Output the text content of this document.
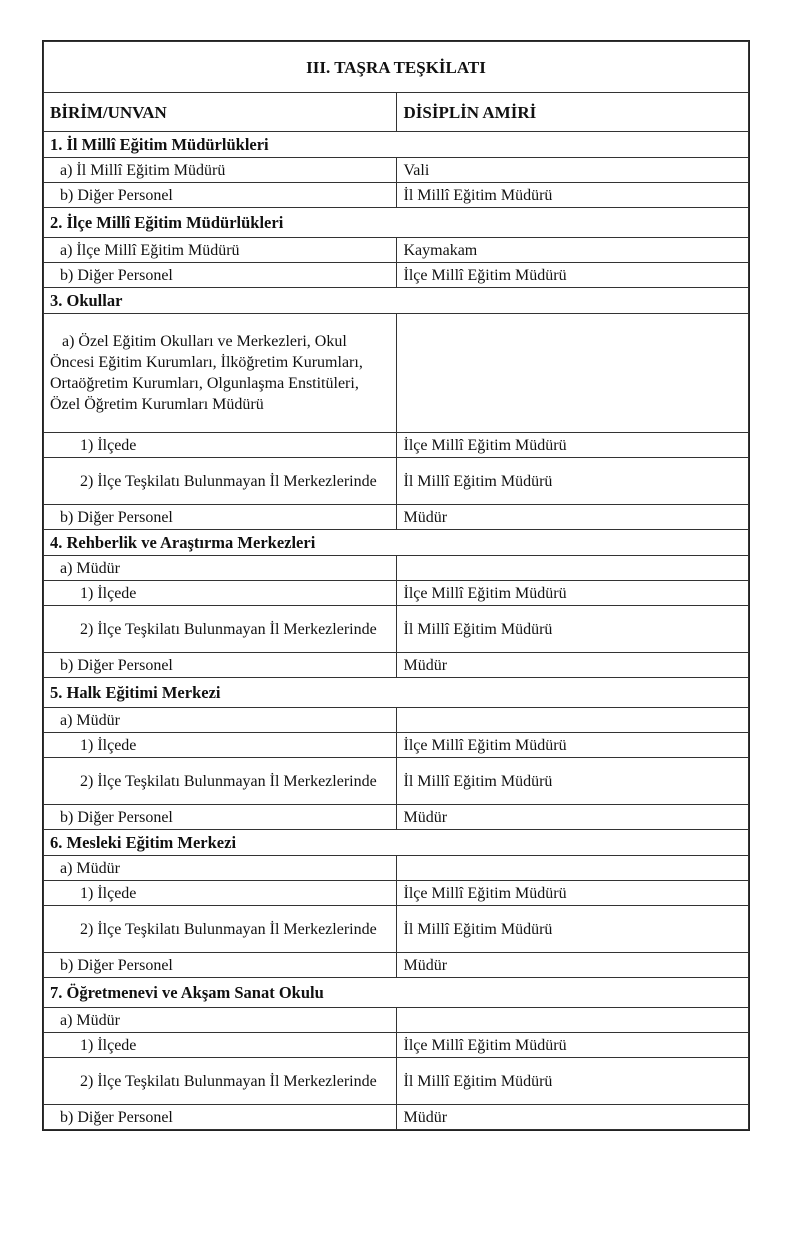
III. TAŞRA TEŞKİLATI	
BİRİM/UNVAN	DİSİPLİN AMİRİ
1. İl Millî Eğitim Müdürlükleri	
a) İl Millî Eğitim Müdürü	Vali
b) Diğer Personel	İl Millî Eğitim Müdürü
2. İlçe Millî Eğitim Müdürlükleri	
a) İlçe Millî Eğitim Müdürü	Kaymakam
b) Diğer Personel	İlçe Millî Eğitim Müdürü
3. Okullar	
a) Özel Eğitim Okulları ve Merkezleri, Okul Öncesi Eğitim Kurumları, İlköğretim Kurumları, Ortaöğretim Kurumları, Olgunlaşma Enstitüleri, Özel Öğretim Kurumları Müdürü	
1) İlçede	İlçe Millî Eğitim Müdürü
2) İlçe Teşkilatı Bulunmayan İl Merkezlerinde	İl Millî Eğitim Müdürü
b) Diğer Personel	Müdür
4. Rehberlik ve Araştırma Merkezleri	
a) Müdür	
1) İlçede	İlçe Millî Eğitim Müdürü
2) İlçe Teşkilatı Bulunmayan İl Merkezlerinde	İl Millî Eğitim Müdürü
b) Diğer Personel	Müdür
5. Halk Eğitimi Merkezi	
a) Müdür	
1) İlçede	İlçe Millî Eğitim Müdürü
2) İlçe Teşkilatı Bulunmayan İl Merkezlerinde	İl Millî Eğitim Müdürü
b) Diğer Personel	Müdür
6. Mesleki Eğitim Merkezi	
a) Müdür	
1) İlçede	İlçe Millî Eğitim Müdürü
2) İlçe Teşkilatı Bulunmayan İl Merkezlerinde	İl Millî Eğitim Müdürü
b) Diğer Personel	Müdür
7. Öğretmenevi ve Akşam Sanat Okulu	
a) Müdür	
1) İlçede	İlçe Millî Eğitim Müdürü
2) İlçe Teşkilatı Bulunmayan İl Merkezlerinde	İl Millî Eğitim Müdürü
b) Diğer Personel	Müdür
